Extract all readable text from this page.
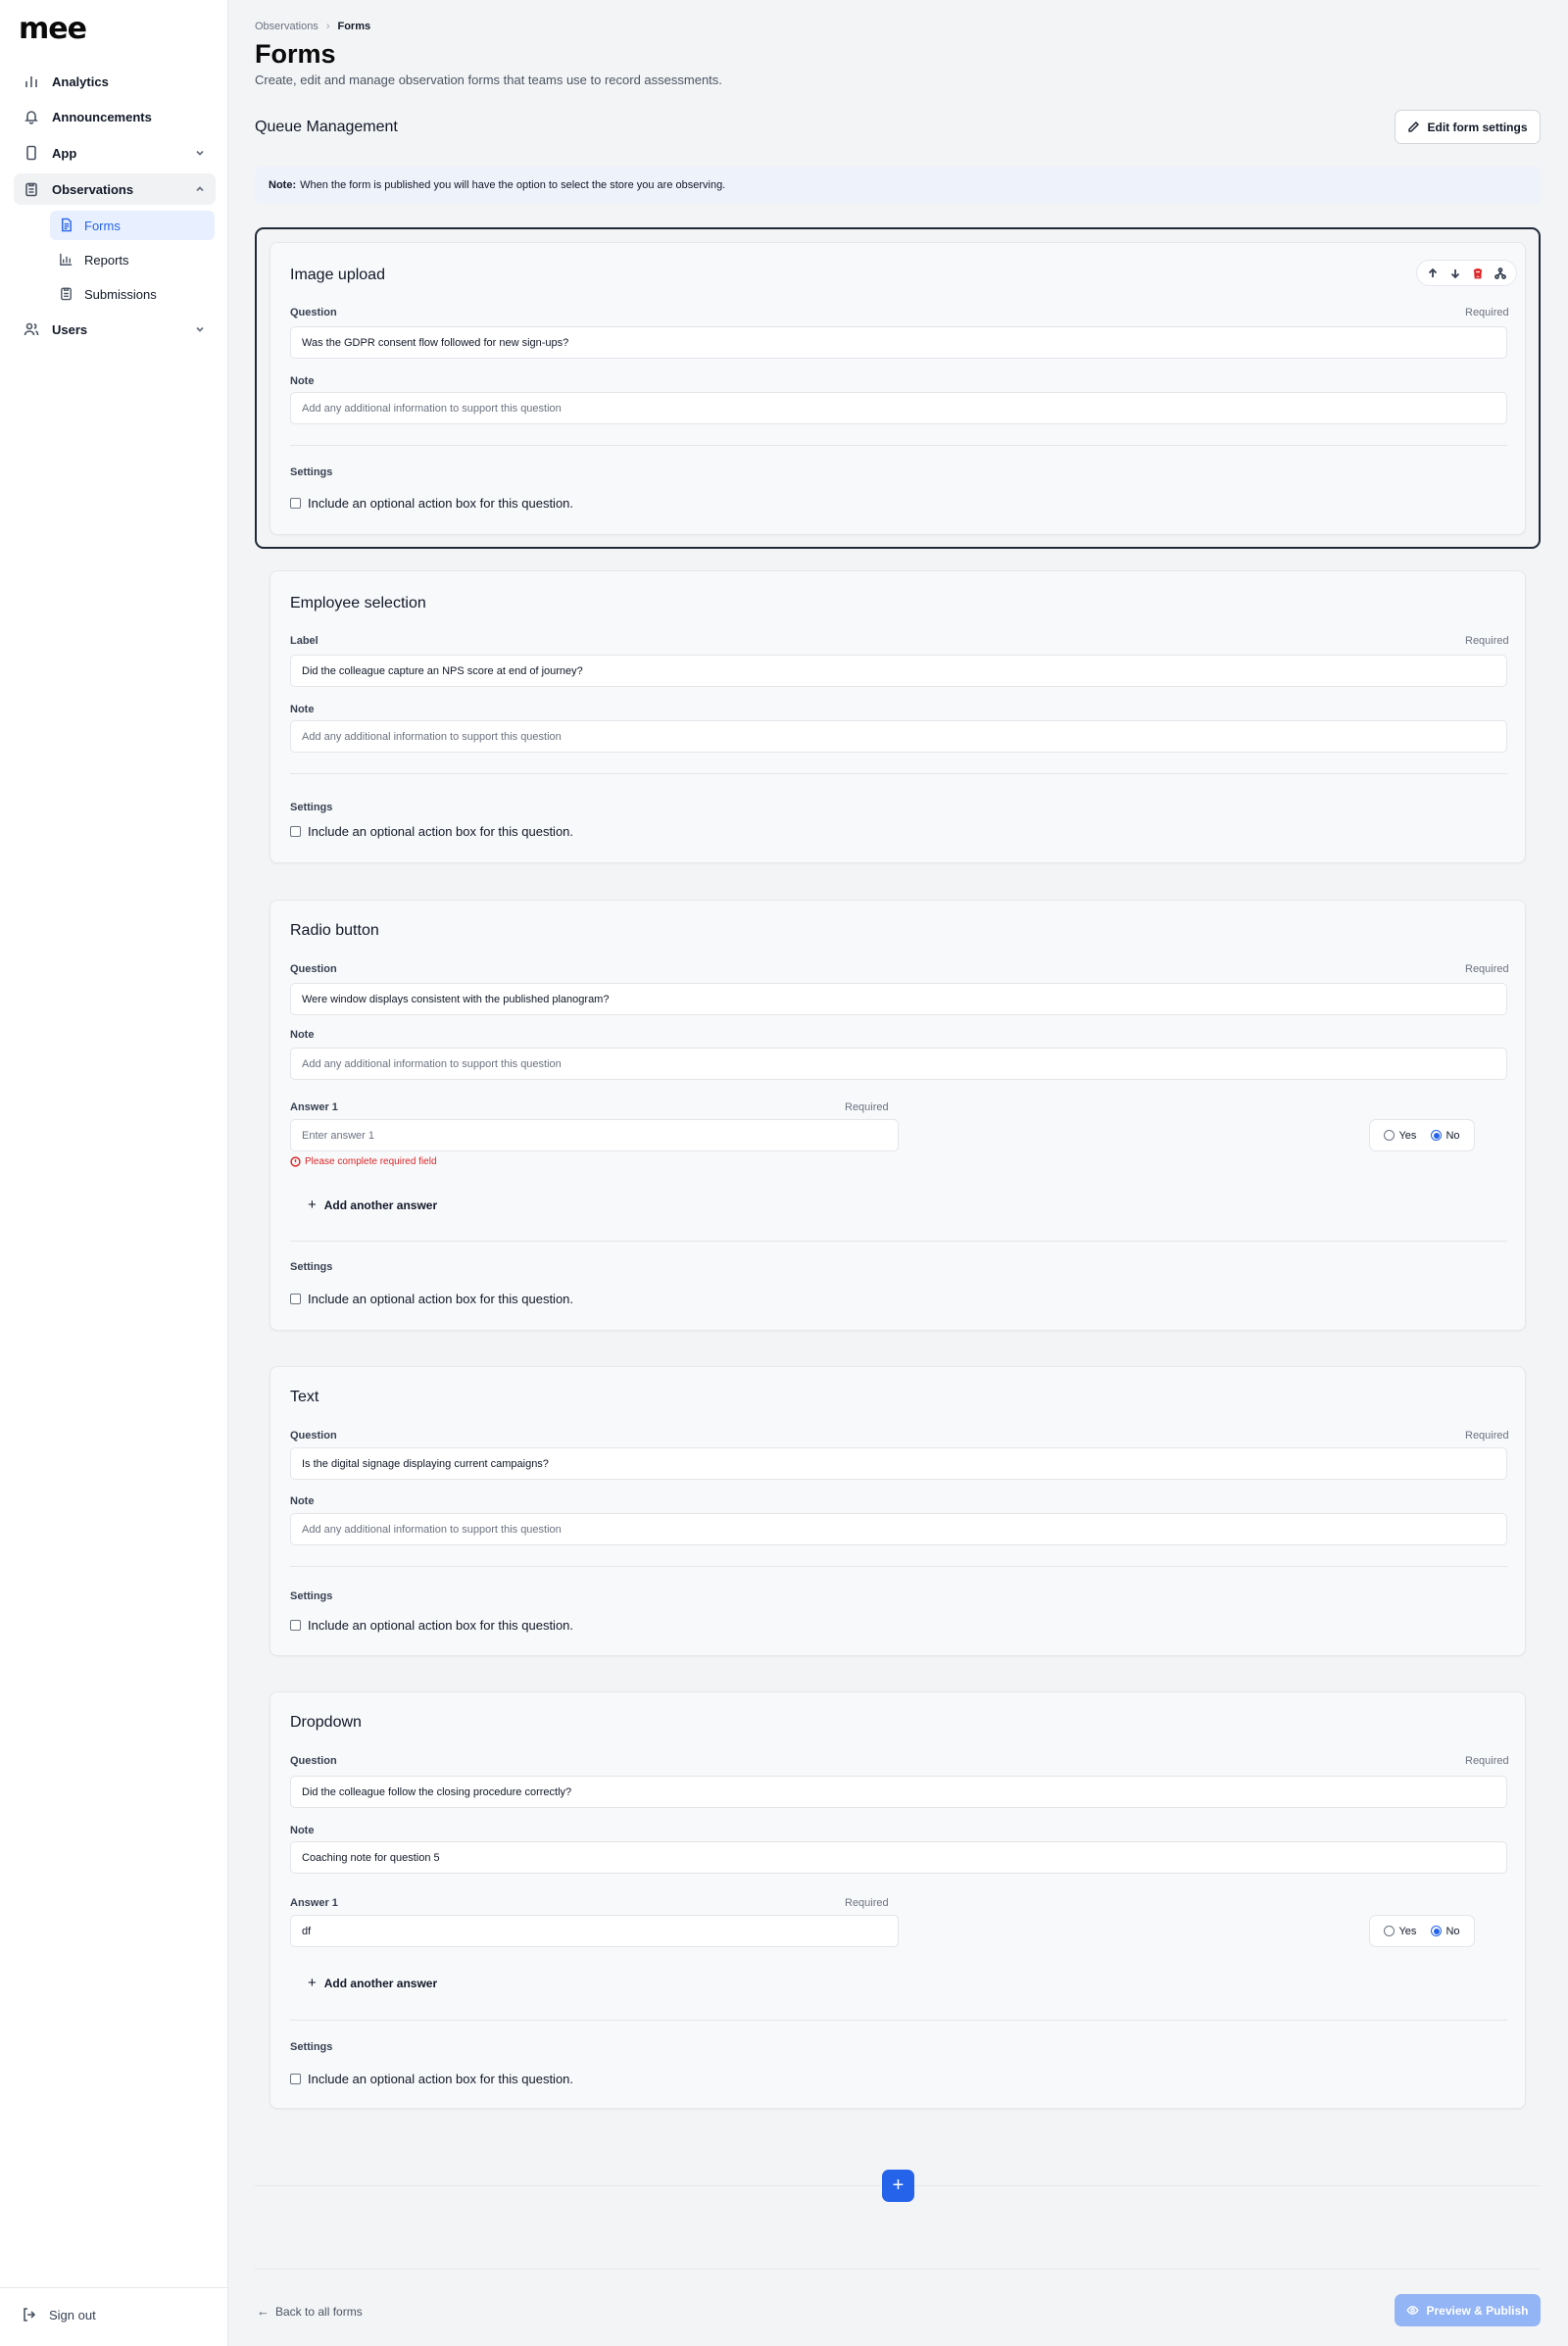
mee
Analytics
Announcements
App
Observations
Forms
Reports
Submissions
Users
Sign out
Observations › Forms
Forms
Create, edit and manage observation forms that teams use to record assessments.
Queue Management	Edit form settings
Note: When the form is published you will have the option to select the store you are observing.
Image upload
Question	Required
Was the GDPR consent flow followed for new sign-ups?
Note
Add any additional information to support this question
Settings
Include an optional action box for this question.
Employee selection
Label	Required
Did the colleague capture an NPS score at end of journey?
Note
Add any additional information to support this question
Settings
Include an optional action box for this question.
Radio button
Question	Required
Were window displays consistent with the published planogram?
Note
Add any additional information to support this question
Answer 1	Required
Enter answer 1	Yes	No
Please complete required field
+ Add another answer
Settings
Include an optional action box for this question.
Text
Question	Required
Is the digital signage displaying current campaigns?
Note
Add any additional information to support this question
Settings
Include an optional action box for this question.
Dropdown
Question	Required
Did the colleague follow the closing procedure correctly?
Note
Coaching note for question 5
Answer 1	Required
df	Yes	No
+ Add another answer
Settings
Include an optional action box for this question.
+
← Back to all forms	Preview & Publish
